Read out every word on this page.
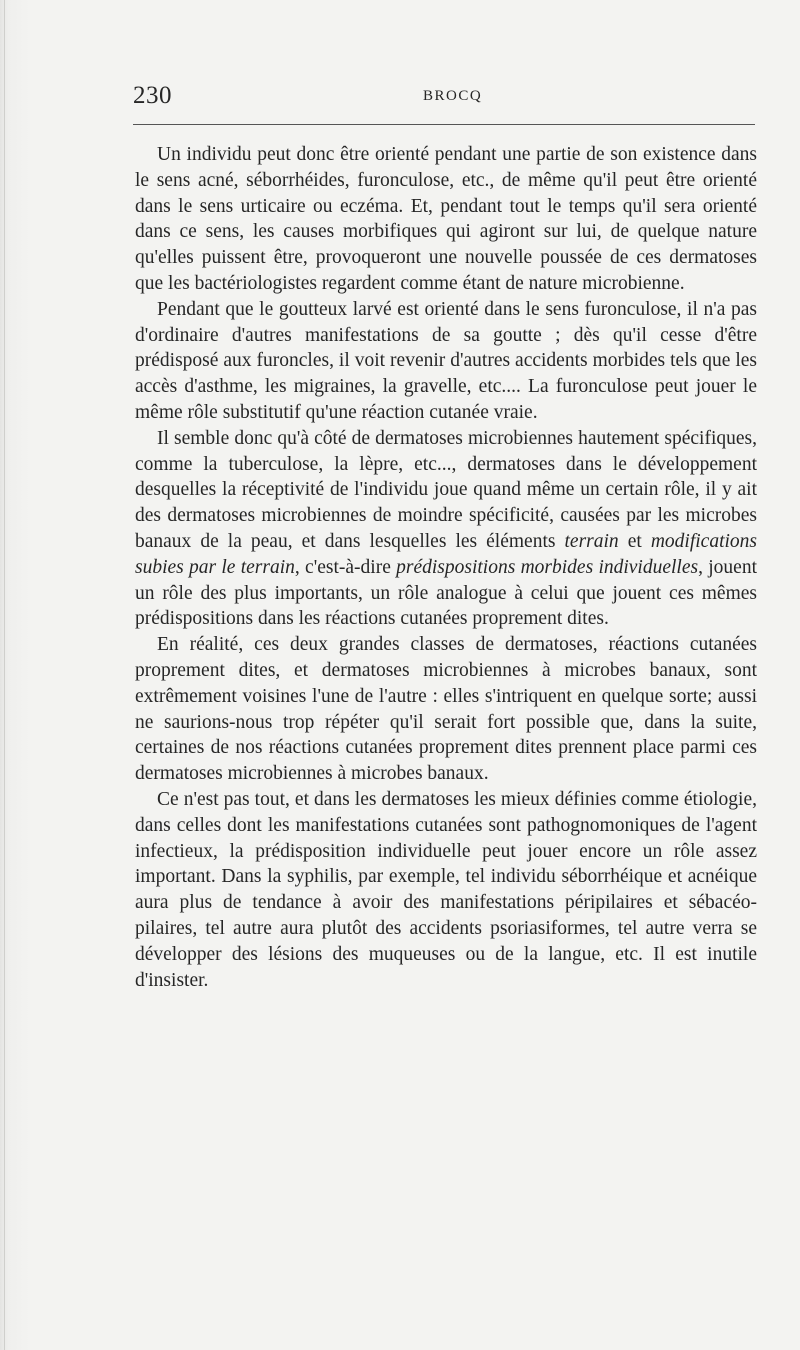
230	BROCQ

Un individu peut donc être orienté pendant une partie de son existence dans le sens acné, séborrhéides, furonculose, etc., de même qu'il peut être orienté dans le sens urticaire ou eczéma. Et, pendant tout le temps qu'il sera orienté dans ce sens, les causes morbifiques qui agiront sur lui, de quelque nature qu'elles puissent être, provoqueront une nouvelle poussée de ces dermatoses que les bactériologistes regardent comme étant de nature microbienne.

Pendant que le goutteux larvé est orienté dans le sens furonculose, il n'a pas d'ordinaire d'autres manifestations de sa goutte ; dès qu'il cesse d'être prédisposé aux furoncles, il voit revenir d'autres accidents morbides tels que les accès d'asthme, les migraines, la gravelle, etc.... La furonculose peut jouer le même rôle substitutif qu'une réaction cutanée vraie.

Il semble donc qu'à côté de dermatoses microbiennes hautement spécifiques, comme la tuberculose, la lèpre, etc..., dermatoses dans le développement desquelles la réceptivité de l'individu joue quand même un certain rôle, il y ait des dermatoses microbiennes de moindre spécificité, causées par les microbes banaux de la peau, et dans lesquelles les éléments terrain et modifications subies par le terrain, c'est-à-dire prédispositions morbides individuelles, jouent un rôle des plus importants, un rôle analogue à celui que jouent ces mêmes prédispositions dans les réactions cutanées proprement dites.

En réalité, ces deux grandes classes de dermatoses, réactions cutanées proprement dites, et dermatoses microbiennes à microbes banaux, sont extrêmement voisines l'une de l'autre : elles s'intriquent en quelque sorte; aussi ne saurions-nous trop répéter qu'il serait fort possible que, dans la suite, certaines de nos réactions cutanées proprement dites prennent place parmi ces dermatoses microbiennes à microbes banaux.

Ce n'est pas tout, et dans les dermatoses les mieux définies comme étiologie, dans celles dont les manifestations cutanées sont pathognomoniques de l'agent infectieux, la prédisposition individuelle peut jouer encore un rôle assez important. Dans la syphilis, par exemple, tel individu séborrhéique et acnéique aura plus de tendance à avoir des manifestations péripilaires et sébacéo-pilaires, tel autre aura plutôt des accidents psoriasiformes, tel autre verra se développer des lésions des muqueuses ou de la langue, etc. Il est inutile d'insister.
